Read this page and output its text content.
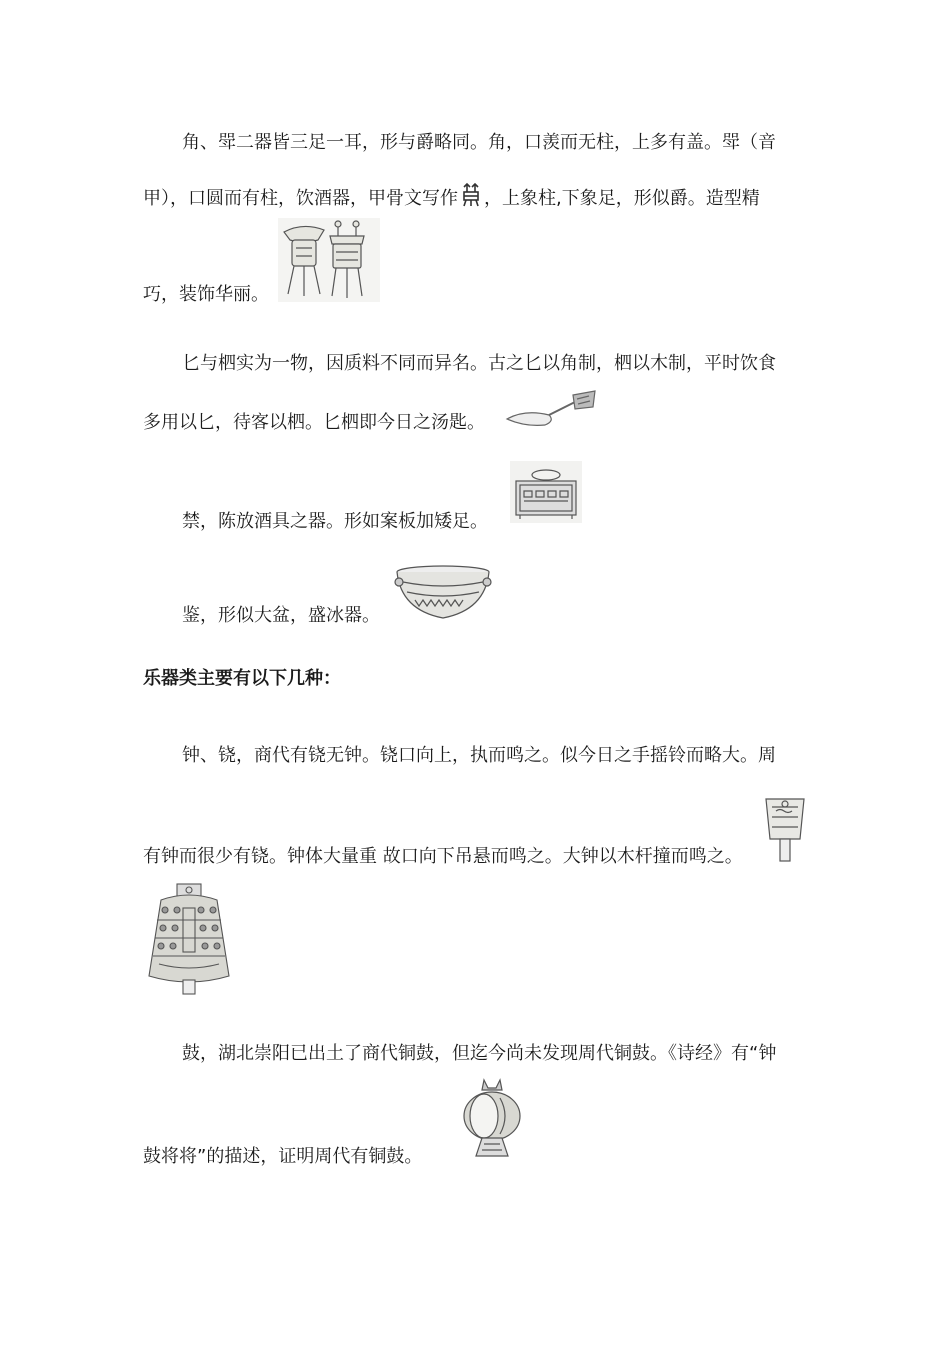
角、斝二器皆三足一耳，形与爵略同。角，口羡而无柱，上多有盖。斝（音
甲），口圆而有柱，饮酒器，甲骨文写作 ，上象柱,下象足，形似爵。造型精
巧，装饰华丽。
匕与柶实为一物，因质料不同而异名。古之匕以角制，柶以木制，平时饮食
多用以匕，待客以柶。匕柶即今日之汤匙。
禁，陈放酒具之器。形如案板加矮足。
鉴，形似大盆，盛冰器。
乐器类主要有以下几种：
钟、铙，商代有铙无钟。铙口向上，执而鸣之。似今日之手摇铃而略大。周
有钟而很少有铙。钟体大量重 故口向下吊悬而鸣之。大钟以木杆撞而鸣之。
鼓，湖北崇阳已出土了商代铜鼓，但迄今尚未发现周代铜鼓。《诗经》有“钟
鼓将将”的描述，证明周代有铜鼓。
